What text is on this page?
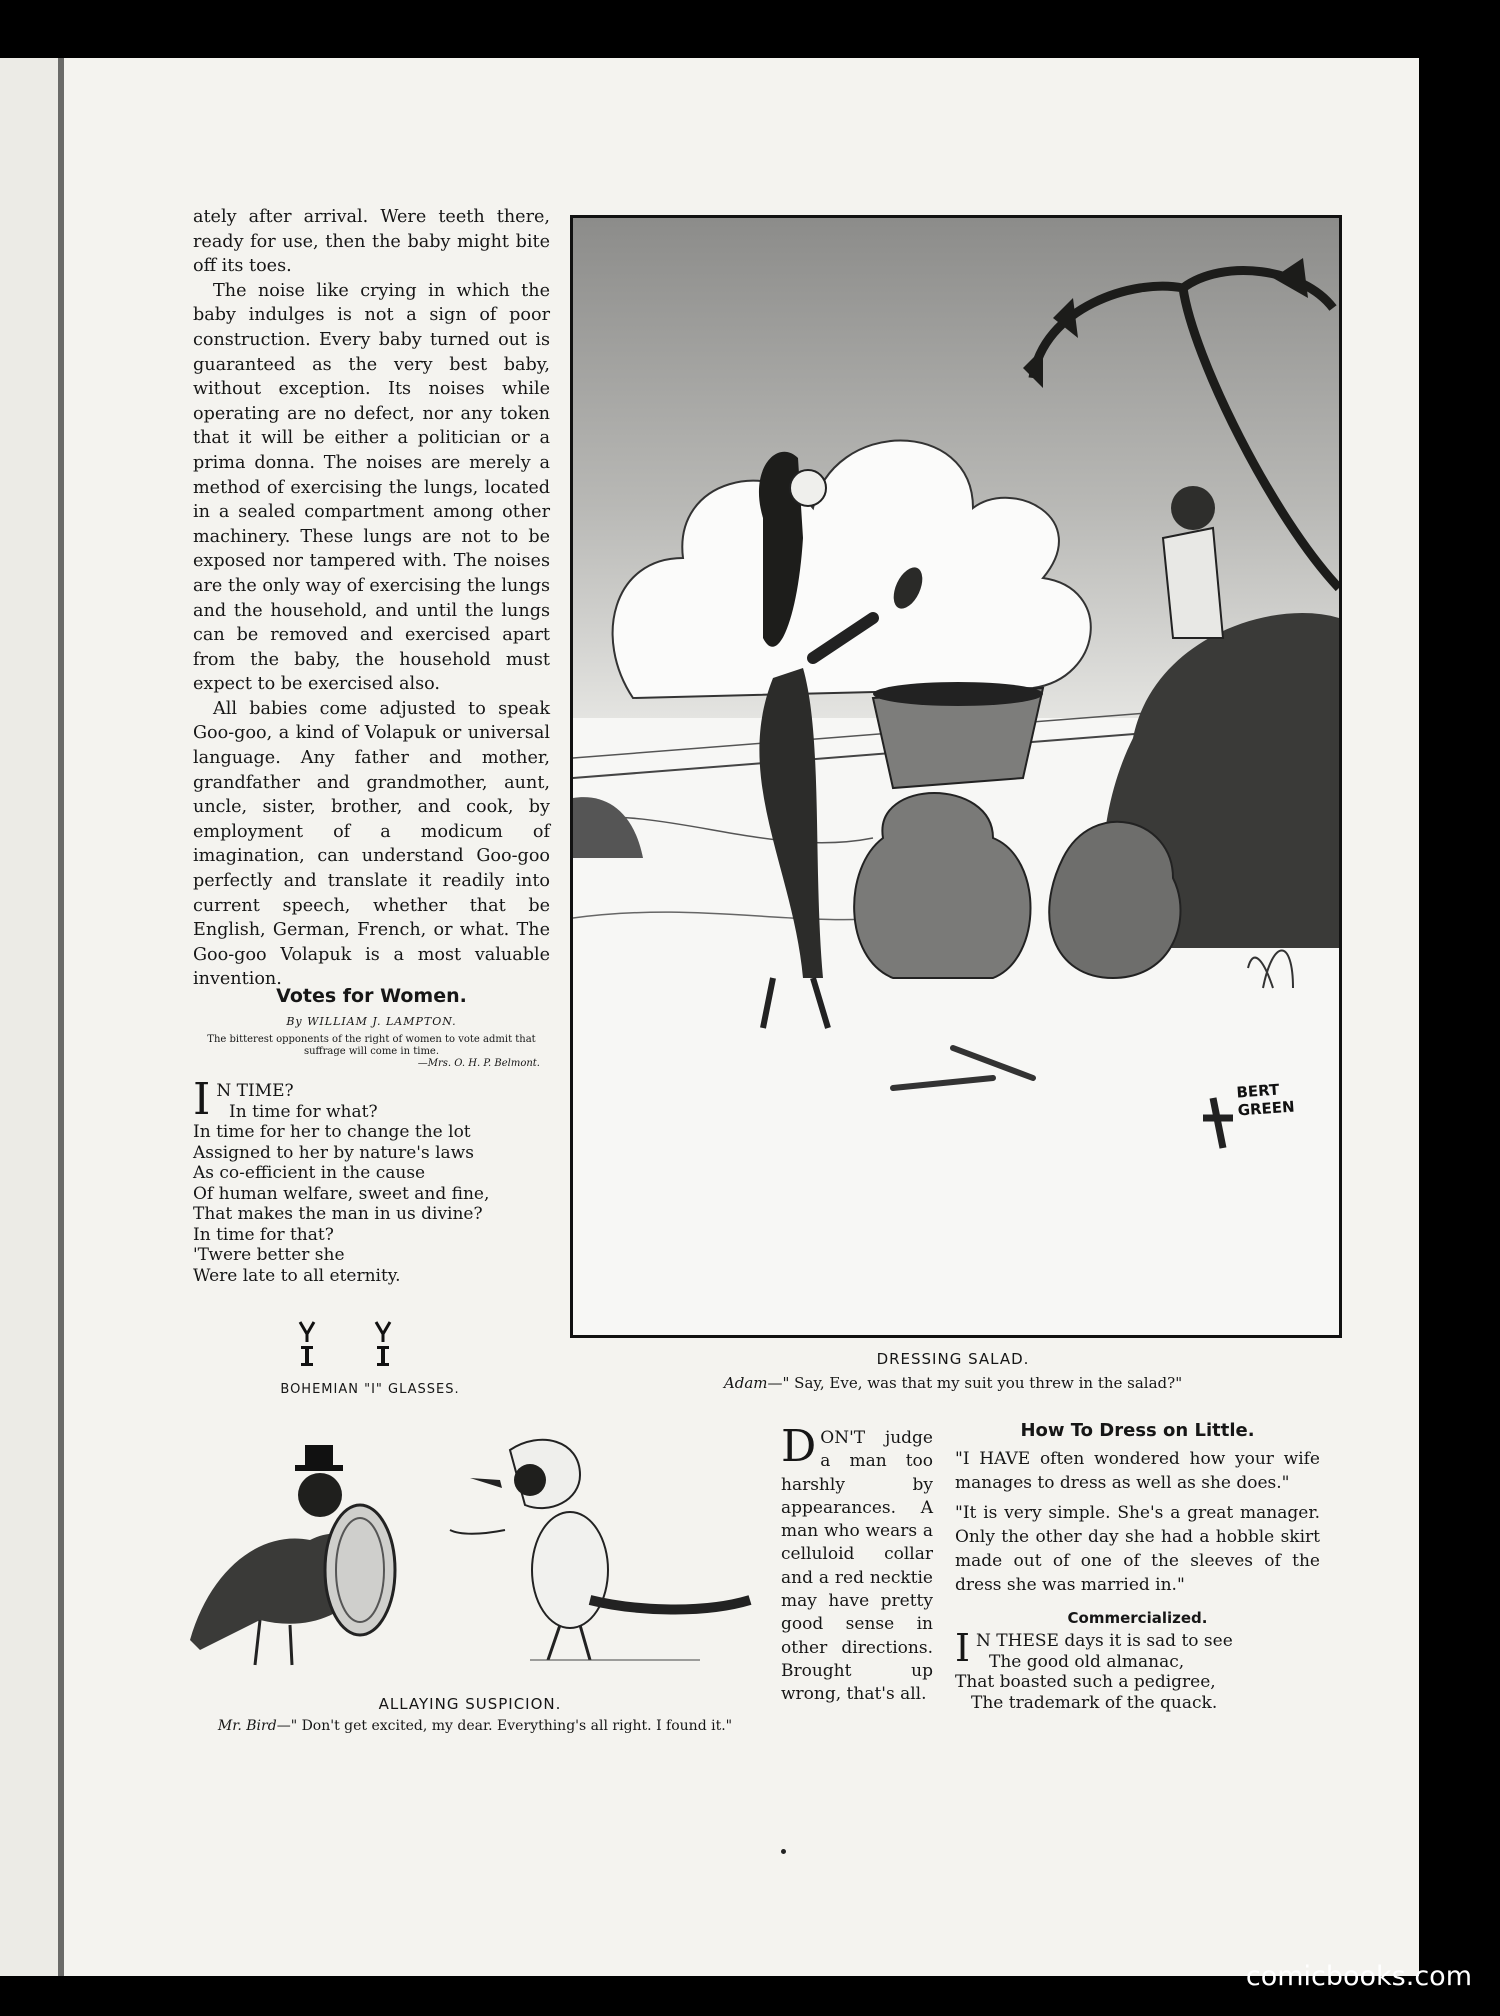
ately after arrival. Were teeth there, ready for use, then the baby might bite off its toes.

The noise like crying in which the baby indulges is not a sign of poor construction. Every baby turned out is guaranteed as the very best baby, without exception. Its noises while operating are no defect, nor any token that it will be either a politician or a prima donna. The noises are merely a method of exercising the lungs, located in a sealed compartment among other machinery. These lungs are not to be exposed nor tampered with. The noises are the only way of exercising the lungs and the household, and until the lungs can be removed and exercised apart from the baby, the household must expect to be exercised also.

All babies come adjusted to speak Goo-goo, a kind of Volapuk or universal language. Any father and mother, grandfather and grandmother, aunt, uncle, sister, brother, and cook, by employment of a modicum of imagination, can understand Goo-goo perfectly and translate it readily into current speech, whether that be English, German, French, or what. The Goo-goo Volapuk is a most valuable invention.

Votes for Women.
By WILLIAM J. LAMPTON.
The bitterest opponents of the right of women to vote admit that suffrage will come in time.
—Mrs. O. H. P. Belmont.
I N TIME?
In time for what?
In time for her to change the lot
Assigned to her by nature's laws
As co-efficient in the cause
Of human welfare, sweet and fine,
That makes the man in us divine?
In time for that?
'Twere better she
Were late to all eternity.
BOHEMIAN "I" GLASSES.
BERT GREEN
DRESSING SALAD.
Adam—" Say, Eve, was that my suit you threw in the salad?"
ALLAYING SUSPICION.
Mr. Bird—" Don't get excited, my dear. Everything's all right. I found it."
DON'T judge a man too harshly by appearances. A man who wears a celluloid collar and a red necktie may have pretty good sense in other directions. Brought up wrong, that's all.
How To Dress on Little.

"I HAVE often wondered how your wife manages to dress as well as she does."

"It is very simple. She's a great manager. Only the other day she had a hobble skirt made out of one of the sleeves of the dress she was married in."

Commercialized.
I N THESE days it is sad to see
The good old almanac,
That boasted such a pedigree,
The trademark of the quack.
comicbooks.com
